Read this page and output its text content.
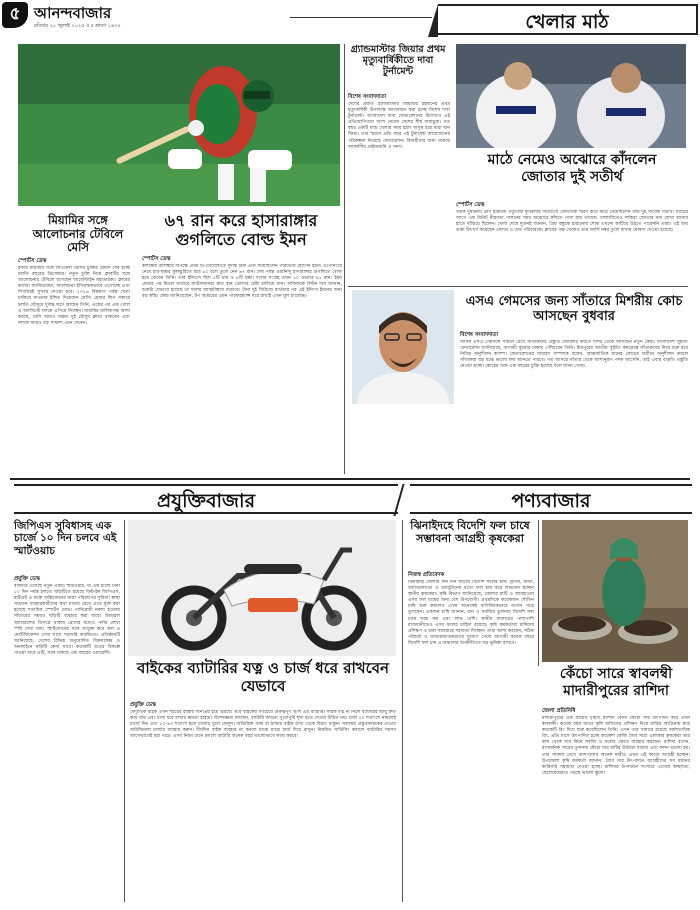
৫ আনন্দবাজার
রবিবার ২০ জুলাই ২০২৫ ॥ ৫ শ্রাবণ ১৪৩২	খেলার মাঠ
মিয়ামির সঙ্গে আলোচনার টেবিলে মেসি
স্পোর্টস ডেস্ক
ইন্টার মায়ামির সঙ্গে লিওনেল মেসির চুক্তির মেয়াদ শেষ হচ্ছে চলতি বছরের ডিসেম্বরে। নতুন চুক্তি নিয়ে ক্লাবটির সঙ্গে আলোচনার টেবিলে বসেছেন আর্জেন্টাইন মহাতারকা। ক্লাবের কর্তারা জানিয়েছেন, আলোচনা ইতিবাচকভাবে এগোচ্ছে এবং শিগগিরই সুখবর দেওয়া হবে। ২০২৬ বিশ্বকাপ পর্যন্ত খেলা চালিয়ে যাওয়ার ইঙ্গিত দিয়েছেন মেসি। মেজর লিগ সকারে চলতি মৌসুমে দুর্দান্ত ফর্মে আছেন তিনি, একের পর এক গোল ও অ্যাসিস্টে দলকে এগিয়ে নিচ্ছেন। মায়ামির মালিকপক্ষ আশা করছে, মেসি আরও অন্তত দুই মৌসুম ক্লাবে থাকবেন এবং দলকে আরও বড় সাফল্য এনে দেবেন।
৬৭ রান করে হাসারাঙ্গার গুগলিতে বোল্ড ইমন
স্পোর্টস ডেস্ক
কলম্বোয় শ্রীলঙ্কার বিপক্ষে প্রথম টি-টোয়েন্টিতে দুর্দান্ত শুরু এনে দিয়েছিলেন পারভেজ হোসেন ইমন। ওপেনিংয়ে নেমে চার-ছক্কার ফুলঝুরিতে মাত্র ৪২ বলে তুলে নেন ৬৭ রান। শেষ পর্যন্ত ওয়ানিন্দু হাসারাঙ্গার গুগলিতে বোল্ড হয়ে ফেরেন তিনি। তার ইনিংসে ছিল ৫টি চার ও ৪টি ছক্কা। দলের সংগ্রহ তখন ১০ ওভারে ৯২ রান। ইমন ফেরার পর মিডল অর্ডারে ব্যাটসম্যানরা দ্রুত রান তোলার চেষ্টা চালিয়ে যান। অধিনায়ক লিটন দাস জানান, শুরুটা যেভাবে হয়েছে তা দলের আত্মবিশ্বাস বাড়াবে। টানা দুই সিরিজে ব্যর্থতার পর এই ইনিংস ইমনের জন্য বড় স্বস্তি। কোচ জানিয়েছেন, টপ অর্ডারের এমন পারফরম্যান্স ধরে রাখাই এখন মূল চ্যালেঞ্জ।
গ্র্যান্ডমাস্টার জিয়ার প্রথম মৃত্যুবার্ষিকীতে দাবা টুর্নামেন্ট
বিশেষ সংবাদদাতা
দেশের প্রয়াত গ্র্যান্ডমাস্টার জিয়াউর রহমানের প্রথম মৃত্যুবার্ষিকী উপলক্ষে আয়োজন করা হচ্ছে বিশেষ দাবা টুর্নামেন্ট। বাংলাদেশ দাবা ফেডারেশনের উদ্যোগে এই প্রতিযোগিতায় অংশ নেবেন দেশের শীর্ষ দাবাড়ুরা। গত বছর একটি ম্যাচ খেলার সময় হঠাৎ অসুস্থ হয়ে মারা যান জিয়া। তার স্মরণে প্রতি বছর এই টুর্নামেন্ট আয়োজনের পরিকল্পনা নিয়েছে ফেডারেশন। বিজয়ীদের জন্য থাকছে আকর্ষণীয় প্রাইজমানি ও সনদ।
মাঠে নেমেও অঝোরে কাঁদলেন জোতার দুই সতীর্থ
স্পোর্টস ডেস্ক
সড়ক দুর্ঘটনায় প্রাণ হারানো পর্তুগিজ ফুটবলার দিয়োগো জোতাকে স্মরণ করে মাঠে নেমেছিলেন তার দুই সাবেক সতীর্থ। ম্যাচের আগে এক মিনিট নীরবতা পালনের সময় অঝোরে কাঁদতে দেখা যায় তাদের। গ্যালারিতেও দর্শকরা জোতার নাম লেখা ব্যানার হাতে দাঁড়িয়ে ছিলেন। খেলা শেষে দুজনই জানান, প্রিয় বন্ধুকে হারানোর শোক এখনো কাটিয়ে উঠতে পারেননি তারা। এই জয় তারা উৎসর্গ করেছেন জোতা ও তার পরিবারকে। ক্লাবের পক্ষ থেকেও তার জার্সি নম্বর তুলে রাখার ঘোষণা দেওয়া হয়েছে।
এসএ গেমসের জন্য সাঁতারে মিশরীয় কোচ আসছেন বুধবার
বিশেষ সংবাদদাতা
আসন্ন এসএ গেমসকে সামনে রেখে সাঁতারুদের প্রস্তুতি জোরদার করতে মিশর থেকে আসছেন নতুন কোচ। বাংলাদেশ সুইমিং ফেডারেশন জানিয়েছে, আগামী বুধবার ঢাকায় পৌঁছাবেন তিনি। মিরপুরের জাতীয় সুইমিং কমপ্লেক্সে সাঁতারুদের নিয়ে শুরু হবে নিবিড় অনুশীলন ক্যাম্প। ফেডারেশনের সাধারণ সম্পাদক বলেন, আন্তর্জাতিক মানের কোচের অধীনে অনুশীলন করলে সাঁতারুরা বড় মঞ্চে ভালো ফল আনতে পারবে। গত আসরে সাঁতার থেকে আশানুরূপ পদক আসেনি, তাই এবার বাড়তি প্রস্তুতি নেওয়া হচ্ছে। কোচের সঙ্গে এক বছরের চুক্তি হয়েছে বলে জানা গেছে।
প্রযুক্তিবাজার	পণ্যবাজার
জিপিএস সুবিধাসহ এক চার্জে ১০ দিন চলবে এই স্মার্টওয়াচ
প্রযুক্তি ডেস্ক
বাজারে এসেছে নতুন একটি স্মার্টওয়াচ, যা এক চার্জে টানা ১০ দিন পর্যন্ত চলবে। ঘড়িটিতে রয়েছে বিল্ট-ইন জিপিএস, হার্টরেট ও রক্তে অক্সিজেনের মাত্রা পরিমাপের সুবিধা। স্বাস্থ্য সচেতন ব্যবহারকারীদের কথা মাথায় রেখে এতে যুক্ত করা হয়েছে শতাধিক স্পোর্টস মোড। পানিরোধী নকশা হওয়ায় সাঁতারের সময়ও ঘড়িটি ব্যবহার করা যাবে। উজ্জ্বল অ্যামোলেড ডিসপ্লে থাকায় রোদের মধ্যেও পর্দার লেখা স্পষ্ট দেখা যায়। স্মার্টফোনের সঙ্গে সংযুক্ত করে কল ও নোটিফিকেশন দেখা যাবে সরাসরি কবজিতে। প্রতিষ্ঠানটি জানিয়েছে, দেশের বিভিন্ন অনুমোদিত বিক্রয়কেন্দ্র ও অনলাইনে ঘড়িটি কেনা যাবে। কয়েকটি রঙের বিকল্পে পাওয়া যাবে এটি, সঙ্গে থাকছে এক বছরের ওয়ারেন্টি।
বাইকের ব্যাটারির যত্ন ও চার্জ ধরে রাখবেন যেভাবে
প্রযুক্তি ডেস্ক
বৈদ্যুতিক বাইক এখন শহরের রাস্তায় জনপ্রিয় হয়ে উঠছে। তবে বাইকের সবচেয়ে গুরুত্বপূর্ণ অংশ এর ব্যাটারি। সঠিক যত্ন না নিলে ব্যাটারির আয়ু দ্রুত কমে যায় এবং চার্জ ধরে রাখার ক্ষমতা হারায়। বিশেষজ্ঞরা বলছেন, ব্যাটারি কখনো পুরোপুরি শূন্য হতে দেওয়া উচিত নয়। চার্জ ২০ শতাংশে নামলেই চার্জে দিন এবং ৮০-৯০ শতাংশ হলে চার্জার খুলে ফেলুন। অতিরিক্ত গরম বা ঠান্ডায় বাইক রাখা থেকে বিরত থাকুন। সবসময় প্রস্তুতকারকের দেওয়া অরিজিনাল চার্জার ব্যবহার করুন। দীর্ঘদিন বাইক ব্যবহার না করলে মাঝে মাঝে চার্জ দিয়ে রাখুন। নিয়মিত সার্ভিসিং করালে ব্যাটারির সমস্যা আগেভাগেই ধরা পড়ে। এসব নিয়ম মেনে চললে ব্যাটারি অনেক বছর ভালোভাবে কাজ করবে।
ঝিনাইদহে বিদেশি ফল চাষে সম্ভাবনা আগ্রহী কৃষকেরা
নিজস্ব প্রতিবেদক
ঝিনাইদহ জেলায় দিন দিন বাড়ছে বিদেশি ফলের চাষ। ড্রাগন, মাল্টা, অ্যাভোকাডো ও রামবুটানের মতো ফল চাষ করে লাভবান হচ্ছেন স্থানীয় কৃষকেরা। কৃষি বিভাগ জানিয়েছে, জেলার মাটি ও আবহাওয়া এসব ফল চাষের জন্য বেশ উপযোগী। প্রথমদিকে কয়েকজন শৌখিন চাষি শুরু করলেও এখন অনেকেই বাণিজ্যিকভাবে বাগান গড়ে তুলছেন। একজন চাষি জানান, ধান ও সবজির তুলনায় বিদেশি ফল চাষে খরচ কম এবং লাভ বেশি। স্থানীয় বাজারের পাশাপাশি রাজধানীতেও এসব ফলের চাহিদা রয়েছে। কৃষি কর্মকর্তারা চাষিদের প্রশিক্ষণ ও চারা সরবরাহে সহায়তা দিচ্ছেন। তারা আশা করছেন, সঠিক পরিচর্যা ও বাজারজাতকরণের সুযোগ পেলে আগামী কয়েক বছরে বিদেশি ফল চাষ এ অঞ্চলের অর্থনীতিতে বড় ভূমিকা রাখবে।
কেঁচো সারে স্বাবলম্বী মাদারীপুরের রাশিদা
জেলা প্রতিনিধি
মাদারীপুরের এক গ্রামের গৃহিণী রাশিদা বেগম কেঁচো সার উৎপাদন করে এখন স্বাবলম্বী। কয়েক বছর আগে কৃষি অফিসের প্রশিক্ষণ নিয়ে বাড়ির আঙিনায় মাত্র কয়েকটি রিং দিয়ে শুরু করেছিলেন তিনি। এখন তার খামারে রয়েছে অর্ধশতাধিক রিং, প্রতি মাসে উৎপাদিত হচ্ছে কয়েকশ কেজি জৈব সার। এলাকার কৃষকেরা তার কাছ থেকে সার কিনে সবজি ও ফলের ক্ষেতে ব্যবহার করছেন। রাশিদা বলেন, রাসায়নিক সারের তুলনায় কেঁচো সার মাটির উর্বরতা বাড়ায় এবং ফলন ভালো হয়। তার সাফল্য দেখে আশপাশের অনেক নারীও এখন এই কাজে আগ্রহী হচ্ছেন। উপজেলা কৃষি কর্মকর্তা জানান, জৈব সার উৎপাদনে আগ্রহীদের সব ধরনের কারিগরি সহায়তা দেওয়া হচ্ছে। রাশিদার উপার্জনে সংসারে এসেছে স্বচ্ছলতা, ছেলেমেয়েরাও পড়ছে ভালো স্কুলে।
